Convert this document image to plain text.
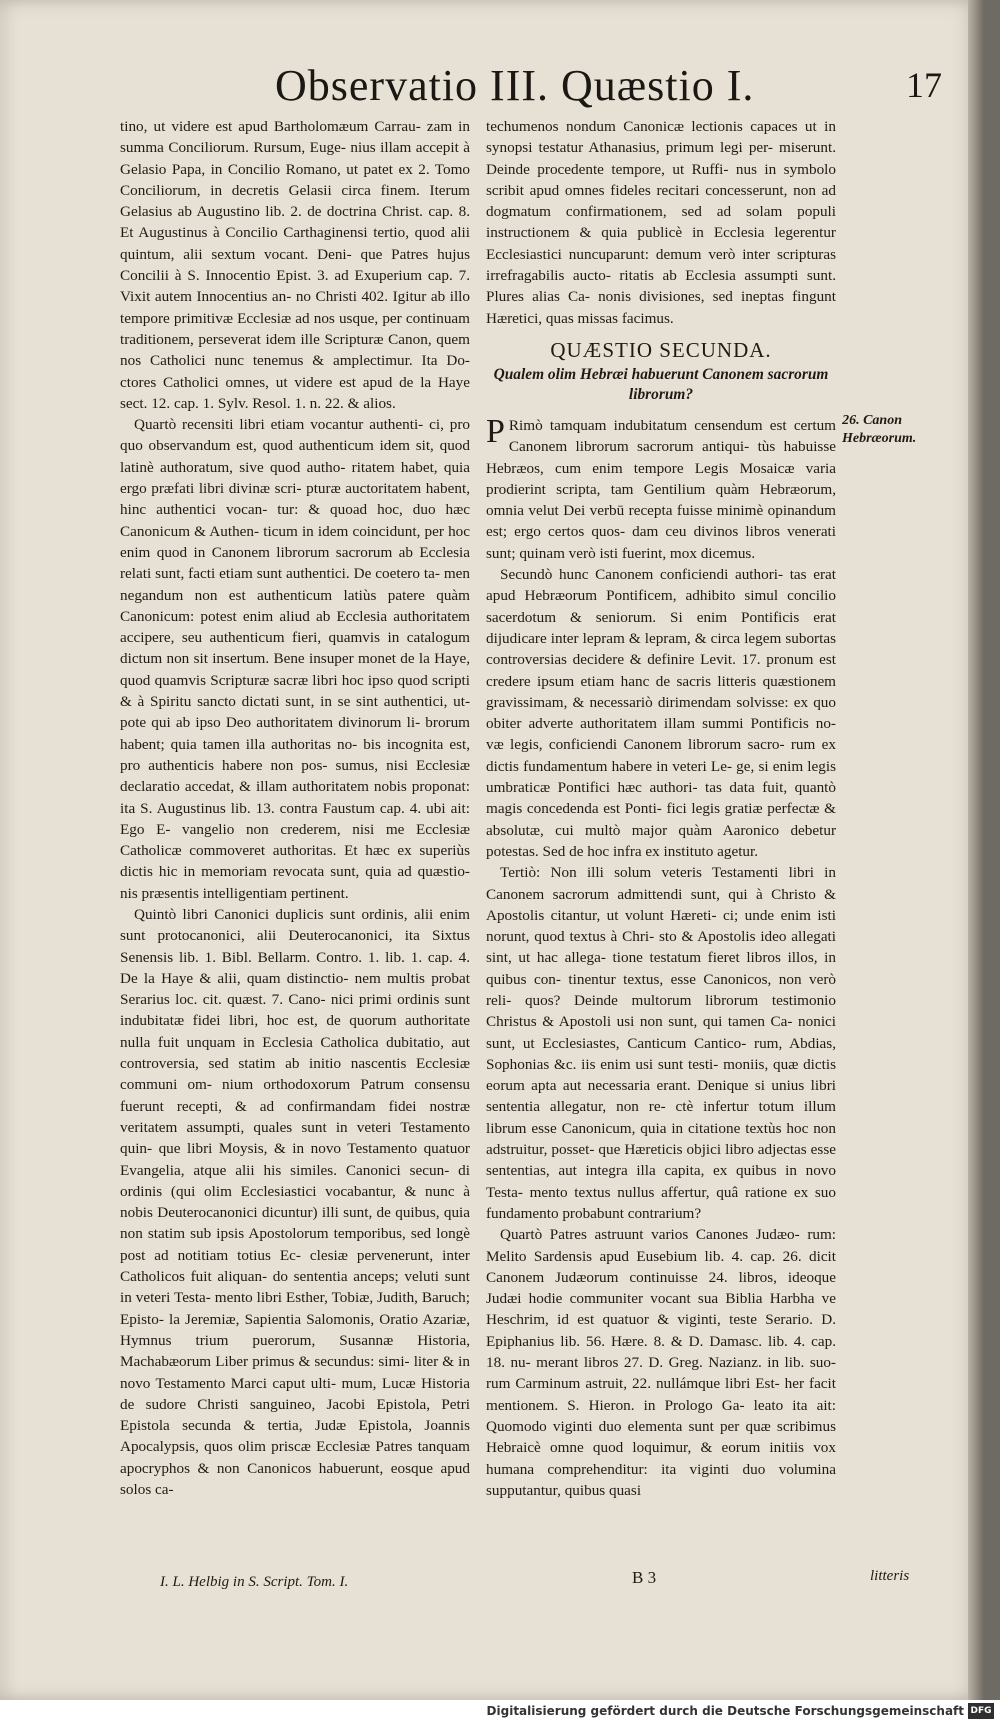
Observatio III. Quæstio I.	17

tino, ut videre est apud Bartholomæum Carrau- zam in summa Conciliorum. Rursum, Euge- nius illam accepit à Gelasio Papa, in Concilio Romano, ut patet ex 2. Tomo Conciliorum, in decretis Gelasii circa finem. Iterum Gelasius ab Augustino lib. 2. de doctrina Christ. cap. 8. Et Augustinus à Concilio Carthaginensi tertio, quod alii quintum, alii sextum vocant. Deni- que Patres hujus Concilii à S. Innocentio Epist. 3. ad Exuperium cap. 7. Vixit autem Innocentius an- no Christi 402. Igitur ab illo tempore primitivæ Ecclesiæ ad nos usque, per continuam traditionem, perseverat idem ille Scripturæ Canon, quem nos Catholici nunc tenemus & amplectimur. Ita Do- ctores Catholici omnes, ut videre est apud de la Haye sect. 12. cap. 1. Sylv. Resol. 1. n. 22. & alios.

Quartò recensiti libri etiam vocantur authenti- ci, pro quo observandum est, quod authenticum idem sit, quod latinè authoratum, sive quod autho- ritatem habet, quia ergo præfati libri divinæ scri- pturæ auctoritatem habent, hinc authentici vocan- tur: & quoad hoc, duo hæc Canonicum & Authen- ticum in idem coincidunt, per hoc enim quod in Canonem librorum sacrorum ab Ecclesia relati sunt, facti etiam sunt authentici. De coetero ta- men negandum non est authenticum latiùs patere quàm Canonicum: potest enim aliud ab Ecclesia authoritatem accipere, seu authenticum fieri, quamvis in catalogum dictum non sit insertum. Bene insuper monet de la Haye, quod quamvis Scripturæ sacræ libri hoc ipso quod scripti & à Spiritu sancto dictati sunt, in se sint authentici, ut- pote qui ab ipso Deo authoritatem divinorum li- brorum habent; quia tamen illa authoritas no- bis incognita est, pro authenticis habere non pos- sumus, nisi Ecclesiæ declaratio accedat, & illam authoritatem nobis proponat: ita S. Augustinus lib. 13. contra Faustum cap. 4. ubi ait: Ego E- vangelio non crederem, nisi me Ecclesiæ Catholicæ commoveret authoritas. Et hæc ex superiùs dictis hic in memoriam revocata sunt, quia ad quæstio- nis præsentis intelligentiam pertinent.

Quintò libri Canonici duplicis sunt ordinis, alii enim sunt protocanonici, alii Deuterocanonici, ita Sixtus Senensis lib. 1. Bibl. Bellarm. Contro. 1. lib. 1. cap. 4. De la Haye & alii, quam distinctio- nem multis probat Serarius loc. cit. quæst. 7. Cano- nici primi ordinis sunt indubitatæ fidei libri, hoc est, de quorum authoritate nulla fuit unquam in Ecclesia Catholica dubitatio, aut controversia, sed statim ab initio nascentis Ecclesiæ communi om- nium orthodoxorum Patrum consensu fuerunt recepti, & ad confirmandam fidei nostræ veritatem assumpti, quales sunt in veteri Testamento quin- que libri Moysis, & in novo Testamento quatuor Evangelia, atque alii his similes. Canonici secun- di ordinis (qui olim Ecclesiastici vocabantur, & nunc à nobis Deuterocanonici dicuntur) illi sunt, de quibus, quia non statim sub ipsis Apostolorum temporibus, sed longè post ad notitiam totius Ec- clesiæ pervenerunt, inter Catholicos fuit aliquan- do sententia anceps; veluti sunt in veteri Testa- mento libri Esther, Tobiæ, Judith, Baruch; Episto- la Jeremiæ, Sapientia Salomonis, Oratio Azariæ, Hymnus trium puerorum, Susannæ Historia, Machabæorum Liber primus & secundus: simi- liter & in novo Testamento Marci caput ulti- mum, Lucæ Historia de sudore Christi sanguineo, Jacobi Epistola, Petri Epistola secunda & tertia, Judæ Epistola, Joannis Apocalypsis, quos olim priscæ Ecclesiæ Patres tanquam apocryphos & non Canonicos habuerunt, eosque apud solos ca-

techumenos nondum Canonicæ lectionis capaces ut in synopsi testatur Athanasius, primum legi per- miserunt. Deinde procedente tempore, ut Ruffi- nus in symbolo scribit apud omnes fideles recitari concesserunt, non ad dogmatum confirmationem, sed ad solam populi instructionem & quia publicè in Ecclesia legerentur Ecclesiastici nuncuparunt: demum verò inter scripturas irrefragabilis aucto- ritatis ab Ecclesia assumpti sunt. Plures alias Ca- nonis divisiones, sed ineptas fingunt Hæretici, quas missas facimus.

QUÆSTIO SECUNDA.
Qualem olim Hebræi habuerunt Canonem sacrorum librorum?

P Rimò tamquam indubitatum censendum est certum Canonem librorum sacrorum antiqui- tùs habuisse Hebræos, cum enim tempore Legis Mosaicæ varia prodierint scripta, tam Gentilium quàm Hebræorum, omnia velut Dei verbū recepta fuisse minimè opinandum est; ergo certos quos- dam ceu divinos libros venerati sunt; quinam verò isti fuerint, mox dicemus.

Secundò hunc Canonem conficiendi authori- tas erat apud Hebræorum Pontificem, adhibito simul concilio sacerdotum & seniorum. Si enim Pontificis erat dijudicare inter lepram & lepram, & circa legem subortas controversias decidere & definire Levit. 17. pronum est credere ipsum etiam hanc de sacris litteris quæstionem gravissimam, & necessariò dirimendam solvisse: ex quo obiter adverte authoritatem illam summi Pontificis no- væ legis, conficiendi Canonem librorum sacro- rum ex dictis fundamentum habere in veteri Le- ge, si enim legis umbraticæ Pontifici hæc authori- tas data fuit, quantò magis concedenda est Ponti- fici legis gratiæ perfectæ & absolutæ, cui multò major quàm Aaronico debetur potestas. Sed de hoc infra ex instituto agetur.

Tertiò: Non illi solum veteris Testamenti libri in Canonem sacrorum admittendi sunt, qui à Christo & Apostolis citantur, ut volunt Hæreti- ci; unde enim isti norunt, quod textus à Chri- sto & Apostolis ideo allegati sint, ut hac allega- tione testatum fieret libros illos, in quibus con- tinentur textus, esse Canonicos, non verò reli- quos? Deinde multorum librorum testimonio Christus & Apostoli usi non sunt, qui tamen Ca- nonici sunt, ut Ecclesiastes, Canticum Cantico- rum, Abdias, Sophonias &c. iis enim usi sunt testi- moniis, quæ dictis eorum apta aut necessaria erant. Denique si unius libri sententia allegatur, non re- ctè infertur totum illum librum esse Canonicum, quia in citatione textùs hoc non adstruitur, posset- que Hæreticis objici libro adjectas esse sententias, aut integra illa capita, ex quibus in novo Testa- mento textus nullus affertur, quâ ratione ex suo fundamento probabunt contrarium?

Quartò Patres astruunt varios Canones Judæo- rum: Melito Sardensis apud Eusebium lib. 4. cap. 26. dicit Canonem Judæorum continuisse 24. libros, ideoque Judæi hodie communiter vocant sua Biblia Harbha ve Heschrim, id est quatuor & viginti, teste Serario. D. Epiphanius lib. 56. Hære. 8. & D. Damasc. lib. 4. cap. 18. nu- merant libros 27. D. Greg. Nazianz. in lib. suo- rum Carminum astruit, 22. nullámque libri Est- her facit mentionem. S. Hieron. in Prologo Ga- leato ita ait: Quomodo viginti duo elementa sunt per quæ scribimus Hebraicè omne quod loquimur, & eorum initiis vox humana comprehenditur: ita viginti duo volumina supputantur, quibus quasi

26. Canon Hebræorum.
I. L. Helbig in S. Script. Tom. I.	B 3	litteris
Digitalisierung gefördert durch die Deutsche Forschungsgemeinschaft DFG
